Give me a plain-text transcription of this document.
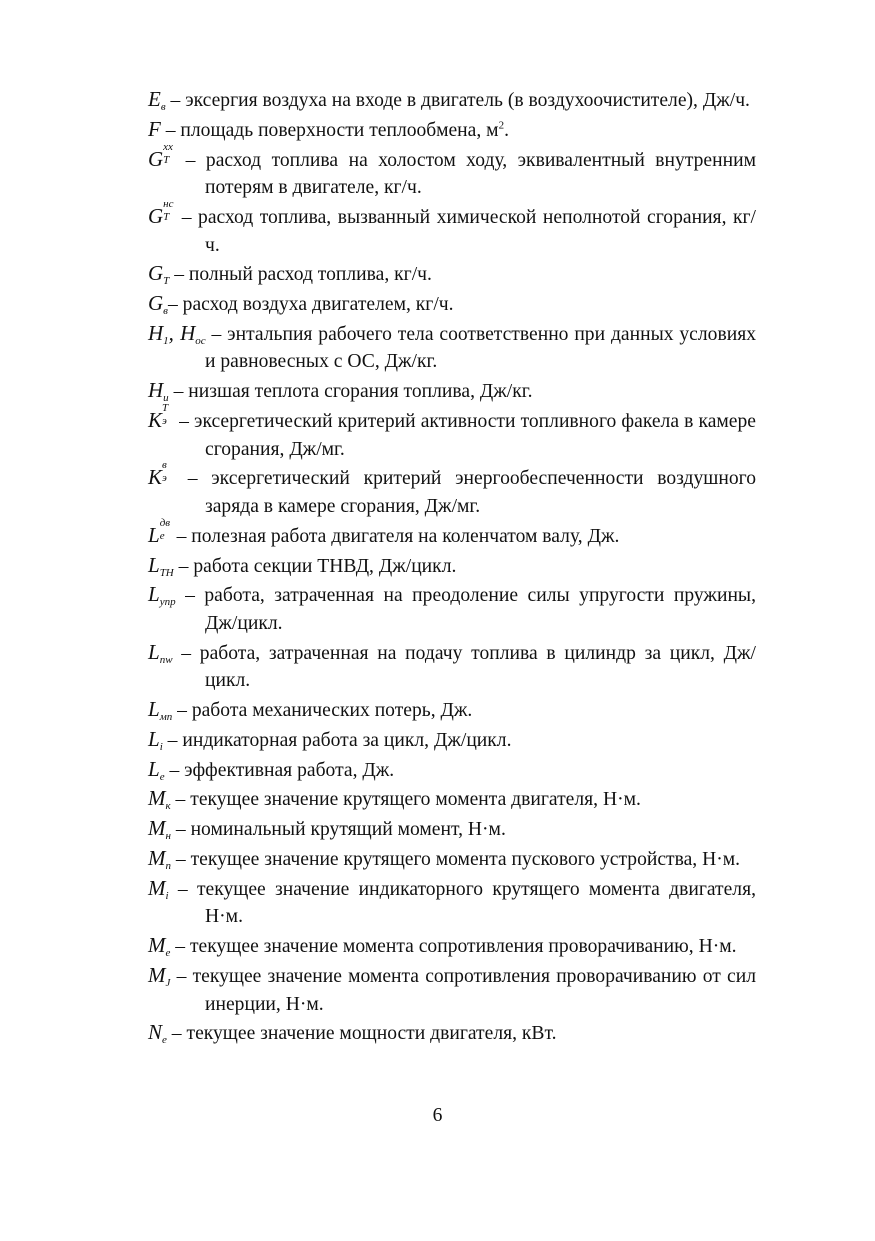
$E_в$ – эксергия воздуха на входе в двигатель (в воздухоочистителе), Дж/ч.

F – площадь поверхности теплообмена, $м^2$.

G хх
Т – расход топлива на холостом ходу, эквивалентный внутренним потерям в двигателе, кг/ч.

G нс
Т – расход топлива, вызванный химической неполнотой сгорания, кг/ч.

$G_Т$ – полный расход топлива, кг/ч.

$G_в-$ расход воздуха двигателем, кг/ч.

$H_1$, $H_{ос}$ – энтальпия рабочего тела соответственно при данных условиях и равновесных с ОС, Дж/кг.

$H_и$ – низшая теплота сгорания топлива, Дж/кг.

K Т
э – эксергетический критерий активности топливного факела в камере сгорания, Дж/мг.

K в
э – эксергетический критерий энергообеспеченности воздушного заряда в камере сгорания, Дж/мг.

L дв
е – полезная работа двигателя на коленчатом валу, Дж.

$L_{ТН}$ – работа секции ТНВД, Дж/цикл.

$L_{упр}$ – работа, затраченная на преодоление силы упругости пружины, Дж/цикл.

$L_{пw}$ – работа, затраченная на подачу топлива в цилиндр за цикл, Дж/цикл.

$L_{мп}$ – работа механических потерь, Дж.

$L_i$ – индикаторная работа за цикл, Дж/цикл.

$L_е$ – эффективная работа, Дж.

$M_к$ – текущее значение крутящего момента двигателя, Н·м.

$M_н$ – номинальный крутящий момент, Н·м.

$M_п$ – текущее значение крутящего момента пускового устройства, Н·м.

$M_i$ – текущее значение индикаторного крутящего момента двигателя, Н·м.

$M_е$ – текущее значение момента сопротивления проворачиванию, Н·м.

$M_J$ – текущее значение момента сопротивления проворачиванию от сил инерции, Н·м.

$N_е$ – текущее значение мощности двигателя, кВт.

6
